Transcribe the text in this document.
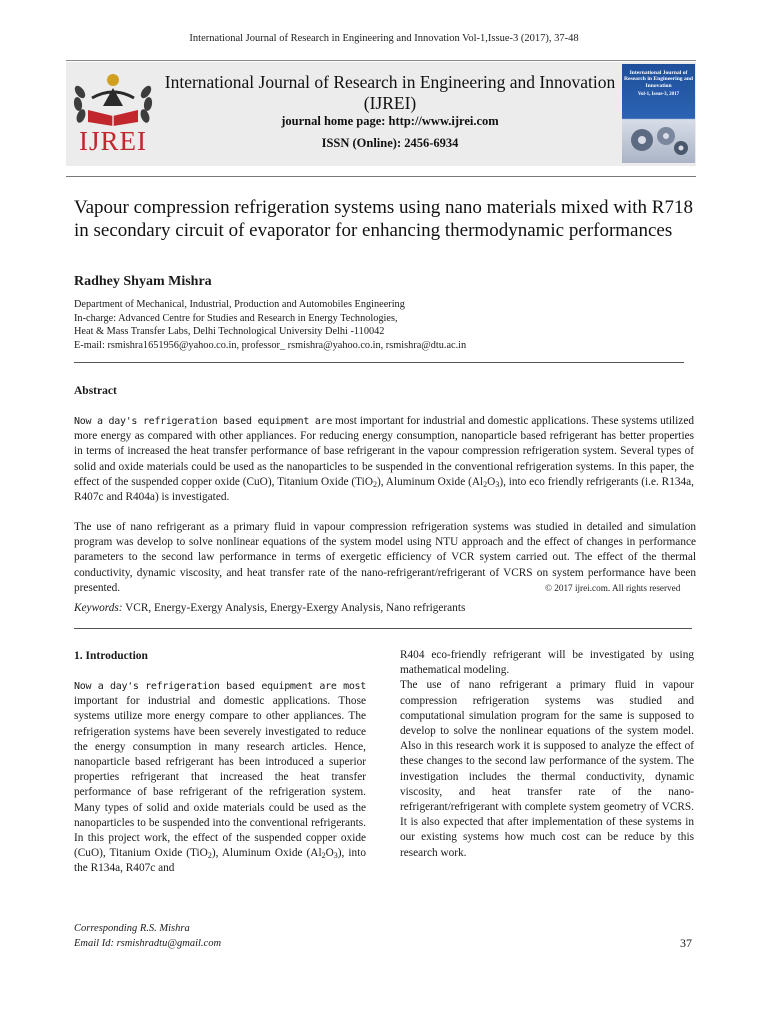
International Journal of Research in Engineering and Innovation Vol-1,Issue-3 (2017), 37-48
IJREI
International Journal of Research in Engineering and Innovation
(IJREI)
journal home page: http://www.ijrei.com
ISSN (Online): 2456-6934
International Journal of Research in Engineering and Innovation
Vol-1, Issue-3, 2017
Vapour compression refrigeration systems using nano materials mixed with R718 in secondary circuit of evaporator for enhancing thermodynamic performances
Radhey Shyam Mishra
Department of Mechanical, Industrial, Production and Automobiles Engineering
In-charge: Advanced Centre for Studies and Research in Energy Technologies,
Heat & Mass Transfer Labs, Delhi Technological University Delhi -110042
E-mail: rsmishra1651956@yahoo.co.in, professor_ rsmishra@yahoo.co.in, rsmishra@dtu.ac.in
Abstract
Now a day's refrigeration based equipment are most important for industrial and domestic applications. These systems utilized more energy as compared with other appliances. For reducing energy consumption, nanoparticle based refrigerant has better properties in terms of increased the heat transfer performance of base refrigerant in the vapour compression refrigeration system. Several types of solid and oxide materials could be used as the nanoparticles to be suspended in the conventional refrigeration systems. In this paper, the effect of the suspended copper oxide (CuO), Titanium Oxide (TiO$_2$), Aluminum Oxide $(Al_2O_3)$, into eco friendly refrigerants (i.e. R134a, R407c and R404a) is investigated.
The use of nano refrigerant as a primary fluid in vapour compression refrigeration systems was studied in detailed and simulation program was develop to solve nonlinear equations of the system model using NTU approach and the effect of changes in performance parameters to the second law performance in terms of exergetic efficiency of VCR system carried out. The effect of the thermal conductivity, dynamic viscosity, and heat transfer rate of the nano-refrigerant/refrigerant of VCRS on system performance have been presented.	© 2017 ijrei.com. All rights reserved
Keywords: VCR, Energy-Exergy Analysis, Energy-Exergy Analysis, Nano refrigerants
1. Introduction
Now a day's refrigeration based equipment are most important for industrial and domestic applications. Those systems utilize more energy compare to other appliances. The refrigeration systems have been severely investigated to reduce the energy consumption in many research articles. Hence, nanoparticle based refrigerant has been introduced a superior properties refrigerant that increased the heat transfer performance of base refrigerant of the refrigeration system. Many types of solid and oxide materials could be used as the nanoparticles to be suspended into the conventional refrigerants. In this project work, the effect of the suspended copper oxide (CuO), Titanium Oxide (TiO$_2$), Aluminum Oxide $(Al_2O_3)$, into the R134a, R407c and
R404 eco-friendly refrigerant will be investigated by using mathematical modeling.
The use of nano refrigerant a primary fluid in vapour compression refrigeration systems was studied and computational simulation program for the same is supposed to develop to solve the nonlinear equations of the system model. Also in this research work it is supposed to analyze the effect of these changes to the second law performance of the system. The investigation includes the thermal conductivity, dynamic viscosity, and heat transfer rate of the nano-refrigerant/refrigerant with complete system geometry of VCRS. It is also expected that after implementation of these systems in our existing systems how much cost can be reduce by this research work.
Corresponding R.S. Mishra
Email Id: rsmishradtu@gmail.com	37
